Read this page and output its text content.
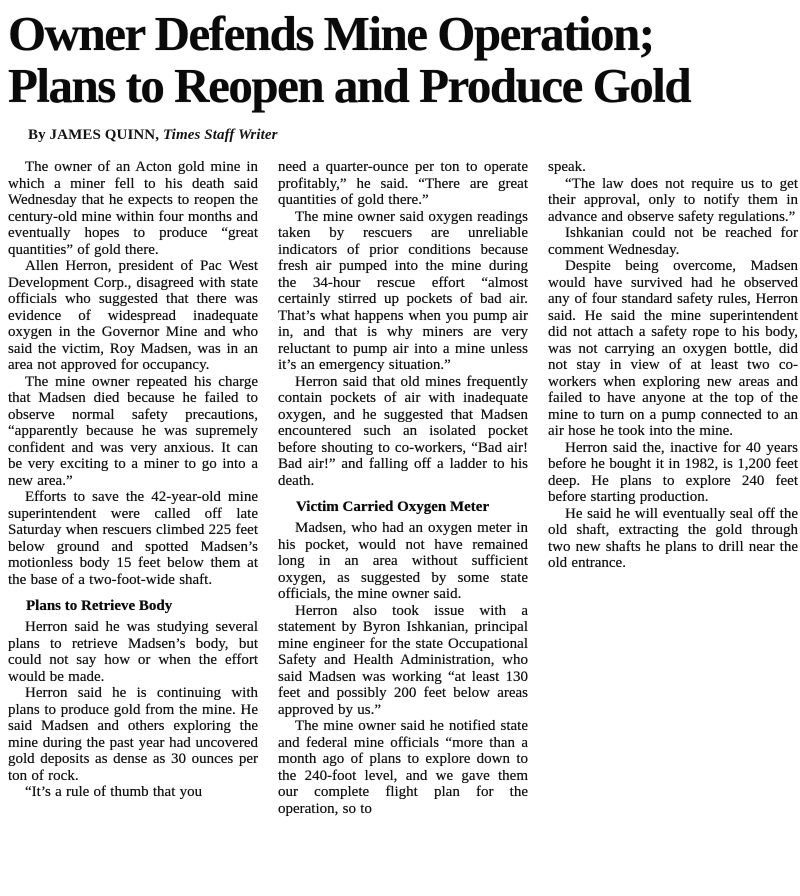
Owner Defends Mine Operation;
Plans to Reopen and Produce Gold
By JAMES QUINN, Times Staff Writer

The owner of an Acton gold mine in which a miner fell to his death said Wednesday that he expects to reopen the century-old mine within four months and eventually hopes to produce “great quantities” of gold there.

Allen Herron, president of Pac West Development Corp., disagreed with state officials who suggested that there was evidence of widespread inadequate oxygen in the Governor Mine and who said the victim, Roy Madsen, was in an area not approved for occupancy.

The mine owner repeated his charge that Madsen died because he failed to observe normal safety precautions, “apparently because he was supremely confident and was very anxious. It can be very exciting to a miner to go into a new area.”

Efforts to save the 42-year-old mine superintendent were called off late Saturday when rescuers climbed 225 feet below ground and spotted Madsen’s motionless body 15 feet below them at the base of a two-foot-wide shaft.

Plans to Retrieve Body

Herron said he was studying several plans to retrieve Madsen’s body, but could not say how or when the effort would be made.

Herron said he is continuing with plans to produce gold from the mine. He said Madsen and others exploring the mine during the past year had uncovered gold deposits as dense as 30 ounces per ton of rock.

“It’s a rule of thumb that you

need a quarter-ounce per ton to operate profitably,” he said. “There are great quantities of gold there.”

The mine owner said oxygen readings taken by rescuers are unreliable indicators of prior conditions because fresh air pumped into the mine during the 34-hour rescue effort “almost certainly stirred up pockets of bad air. That’s what happens when you pump air in, and that is why miners are very reluctant to pump air into a mine unless it’s an emergency situation.”

Herron said that old mines frequently contain pockets of air with inadequate oxygen, and he suggested that Madsen encountered such an isolated pocket before shouting to co-workers, “Bad air! Bad air!” and falling off a ladder to his death.

Victim Carried Oxygen Meter

Madsen, who had an oxygen meter in his pocket, would not have remained long in an area without sufficient oxygen, as suggested by some state officials, the mine owner said.

Herron also took issue with a statement by Byron Ishkanian, principal mine engineer for the state Occupational Safety and Health Administration, who said Madsen was working “at least 130 feet and possibly 200 feet below areas approved by us.”

The mine owner said he notified state and federal mine officials “more than a month ago of plans to explore down to the 240-foot level, and we gave them our complete flight plan for the operation, so to

speak.

“The law does not require us to get their approval, only to notify them in advance and observe safety regulations.”

Ishkanian could not be reached for comment Wednesday.

Despite being overcome, Madsen would have survived had he observed any of four standard safety rules, Herron said. He said the mine superintendent did not attach a safety rope to his body, was not carrying an oxygen bottle, did not stay in view of at least two co-workers when exploring new areas and failed to have anyone at the top of the mine to turn on a pump connected to an air hose he took into the mine.

Herron said the, inactive for 40 years before he bought it in 1982, is 1,200 feet deep. He plans to explore 240 feet before starting production.

He said he will eventually seal off the old shaft, extracting the gold through two new shafts he plans to drill near the old entrance.
